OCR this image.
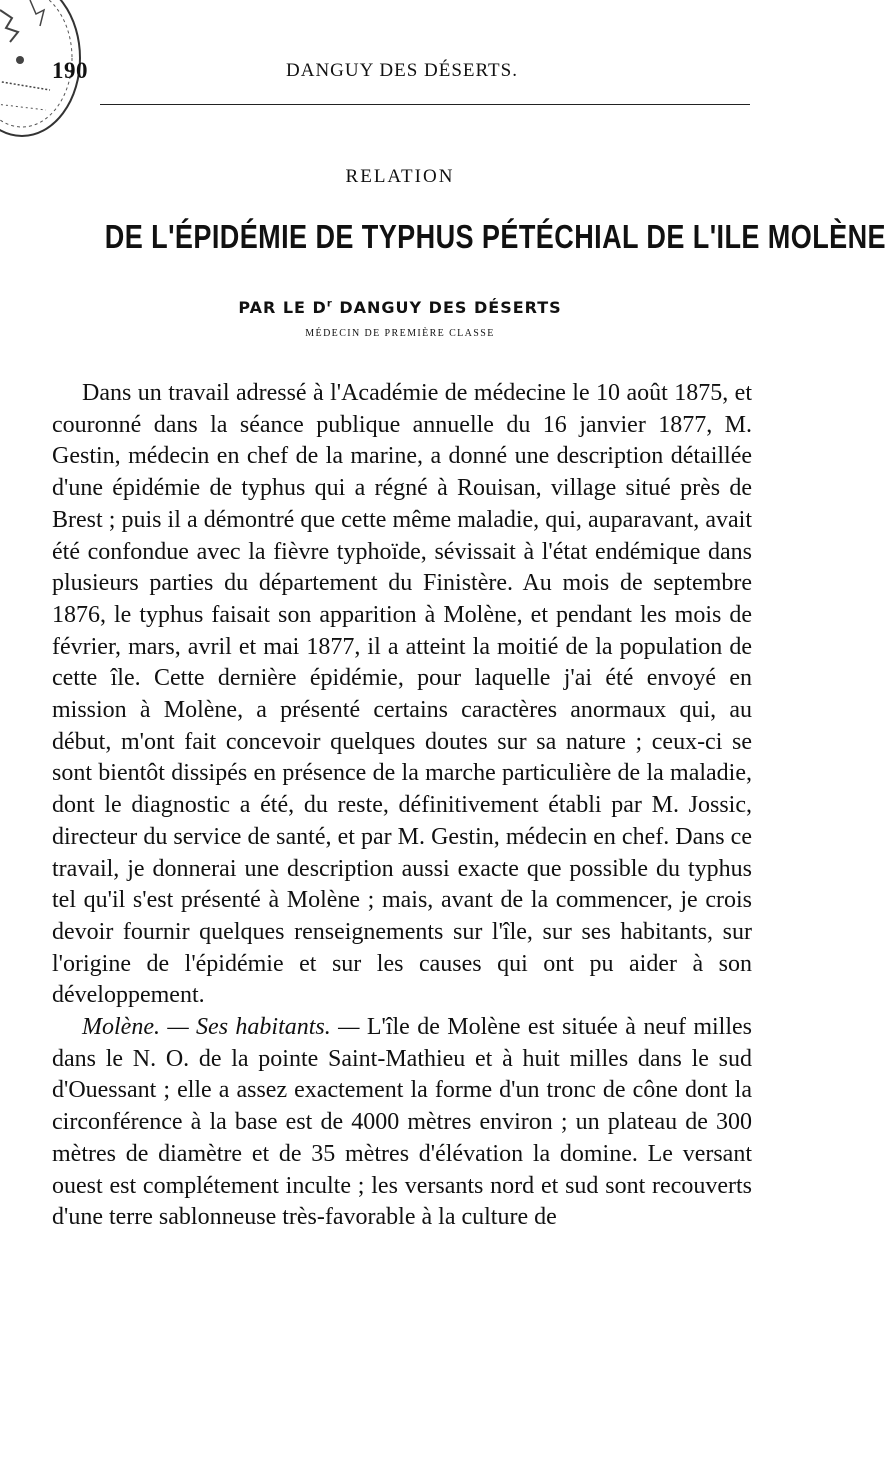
190	DANGUY DES DÉSERTS.
RELATION
DE L'ÉPIDÉMIE DE TYPHUS PÉTÉCHIAL DE L'ILE MOLÈNE
PAR LE $D^r$ DANGUY DES DÉSERTS
MÉDECIN DE PREMIÈRE CLASSE

Dans un travail adressé à l'Académie de médecine le 10 août 1875, et couronné dans la séance publique annuelle du 16 janvier 1877, M. Gestin, médecin en chef de la marine, a donné une description détaillée d'une épidémie de typhus qui a régné à Rouisan, village situé près de Brest ; puis il a démontré que cette même maladie, qui, auparavant, avait été confondue avec la fièvre typhoïde, sévissait à l'état endémique dans plusieurs parties du département du Finistère. Au mois de septembre 1876, le typhus faisait son apparition à Molène, et pendant les mois de février, mars, avril et mai 1877, il a atteint la moitié de la population de cette île. Cette dernière épidémie, pour laquelle j'ai été envoyé en mission à Molène, a présenté certains caractères anormaux qui, au début, m'ont fait concevoir quelques doutes sur sa nature ; ceux-ci se sont bientôt dissipés en présence de la marche particulière de la maladie, dont le diagnostic a été, du reste, définitivement établi par M. Jossic, directeur du service de santé, et par M. Gestin, médecin en chef. Dans ce travail, je donnerai une description aussi exacte que possible du typhus tel qu'il s'est présenté à Molène ; mais, avant de la commencer, je crois devoir fournir quelques renseignements sur l'île, sur ses habitants, sur l'origine de l'épidémie et sur les causes qui ont pu aider à son développement.

Molène. — Ses habitants. — L'île de Molène est située à neuf milles dans le N. O. de la pointe Saint-Mathieu et à huit milles dans le sud d'Ouessant ; elle a assez exactement la forme d'un tronc de cône dont la circonférence à la base est de 4000 mètres environ ; un plateau de 300 mètres de diamètre et de 35 mètres d'élévation la domine. Le versant ouest est complétement inculte ; les versants nord et sud sont recouverts d'une terre sablonneuse très-favorable à la culture de
